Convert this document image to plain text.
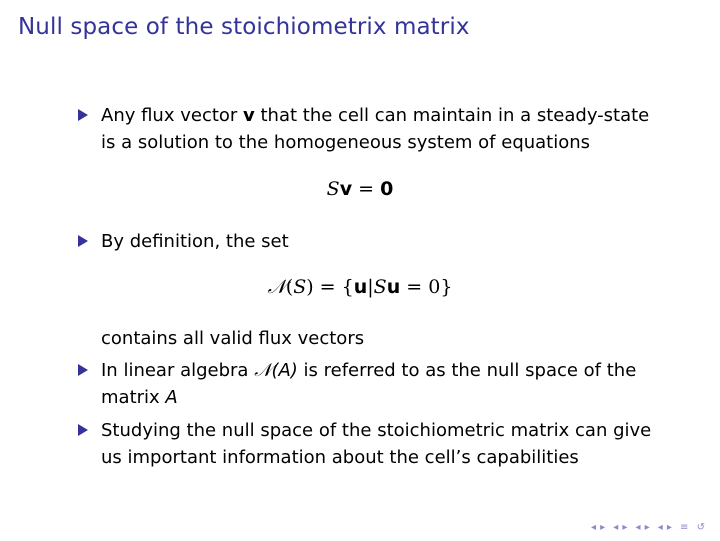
Null space of the stoichiometrix matrix
Any flux vector v that the cell can maintain in a steady-state
is a solution to the homogeneous system of equations
Sv = 0
By definition, the set
𝒩(S) = {u|Su = 0}
contains all valid flux vectors
In linear algebra 𝒩(A) is referred to as the null space of the
matrix A
Studying the null space of the stoichiometric matrix can give
us important information about the cell’s capabilities
◂ ▸ ◂ ▸ ◂ ▸ ◂ ▸ ≡ ↺
